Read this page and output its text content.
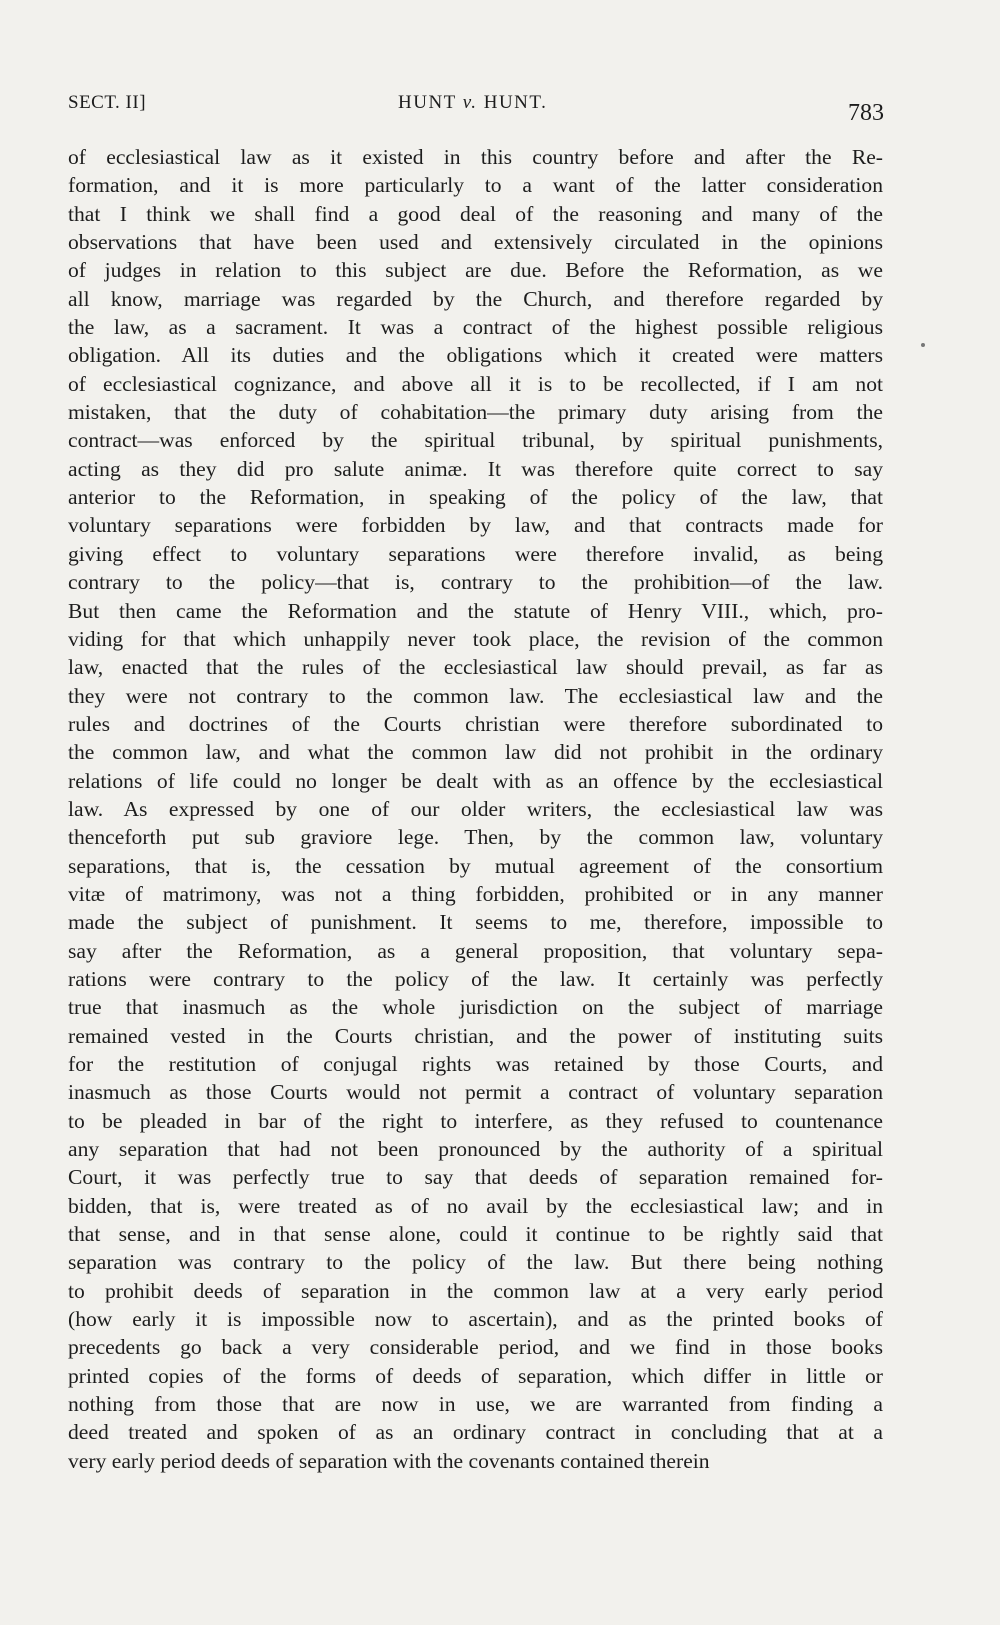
SECT. II]	HUNT v. HUNT.	783
of ecclesiastical law as it existed in this country before and after the Re-
formation, and it is more particularly to a want of the latter consideration
that I think we shall find a good deal of the reasoning and many of the
observations that have been used and extensively circulated in the opinions
of judges in relation to this subject are due. Before the Reformation, as we
all know, marriage was regarded by the Church, and therefore regarded by
the law, as a sacrament. It was a contract of the highest possible religious
obligation. All its duties and the obligations which it created were matters
of ecclesiastical cognizance, and above all it is to be recollected, if I am not
mistaken, that the duty of cohabitation—the primary duty arising from the
contract—was enforced by the spiritual tribunal, by spiritual punishments,
acting as they did pro salute animæ. It was therefore quite correct to say
anterior to the Reformation, in speaking of the policy of the law, that
voluntary separations were forbidden by law, and that contracts made for
giving effect to voluntary separations were therefore invalid, as being
contrary to the policy—that is, contrary to the prohibition—of the law.
But then came the Reformation and the statute of Henry VIII., which, pro-
viding for that which unhappily never took place, the revision of the common
law, enacted that the rules of the ecclesiastical law should prevail, as far as
they were not contrary to the common law. The ecclesiastical law and the
rules and doctrines of the Courts christian were therefore subordinated to
the common law, and what the common law did not prohibit in the ordinary
relations of life could no longer be dealt with as an offence by the ecclesiastical
law. As expressed by one of our older writers, the ecclesiastical law was
thenceforth put sub graviore lege. Then, by the common law, voluntary
separations, that is, the cessation by mutual agreement of the consortium
vitæ of matrimony, was not a thing forbidden, prohibited or in any manner
made the subject of punishment. It seems to me, therefore, impossible to
say after the Reformation, as a general proposition, that voluntary sepa-
rations were contrary to the policy of the law. It certainly was perfectly
true that inasmuch as the whole jurisdiction on the subject of marriage
remained vested in the Courts christian, and the power of instituting suits
for the restitution of conjugal rights was retained by those Courts, and
inasmuch as those Courts would not permit a contract of voluntary separation
to be pleaded in bar of the right to interfere, as they refused to countenance
any separation that had not been pronounced by the authority of a spiritual
Court, it was perfectly true to say that deeds of separation remained for-
bidden, that is, were treated as of no avail by the ecclesiastical law; and in
that sense, and in that sense alone, could it continue to be rightly said that
separation was contrary to the policy of the law. But there being nothing
to prohibit deeds of separation in the common law at a very early period
(how early it is impossible now to ascertain), and as the printed books of
precedents go back a very considerable period, and we find in those books
printed copies of the forms of deeds of separation, which differ in little or
nothing from those that are now in use, we are warranted from finding a
deed treated and spoken of as an ordinary contract in concluding that at a
very early period deeds of separation with the covenants contained therein
